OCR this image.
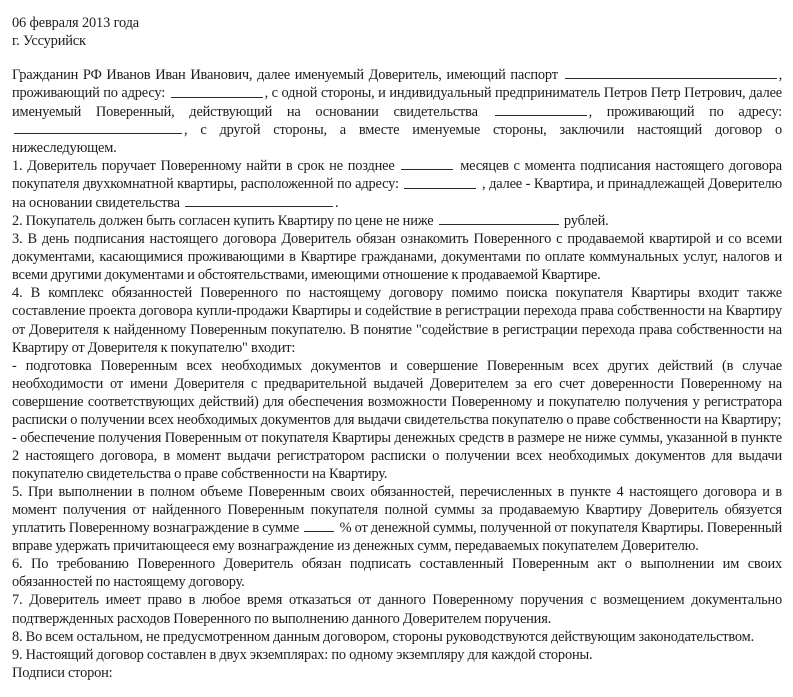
06 февраля 2013 года
г. Уссурийск

Гражданин РФ Иванов Иван Иванович, далее именуемый Доверитель, имеющий паспорт	, проживающий по адресу:	, с одной стороны, и индивидуальный предприниматель Петров Петр Петрович, далее именуемый Поверенный, действующий на основании свидетельства	, проживающий по адресу: , с другой стороны, а вместе именуемые стороны, заключили настоящий договор о нижеследующем.

1. Доверитель поручает Поверенному найти в срок не позднее	месяцев с момента подписания настоящего договора покупателя двухкомнатной квартиры, расположенной по адресу:	, далее - Квартира, и принадлежащей Доверителю на основании свидетельства	.

2. Покупатель должен быть согласен купить Квартиру по цене не ниже	рублей.

3. В день подписания настоящего договора Доверитель обязан ознакомить Поверенного с продаваемой квартирой и со всеми документами, касающимися проживающими в Квартире гражданами, документами по оплате коммунальных услуг, налогов и всеми другими документами и обстоятельствами, имеющими отношение к продаваемой Квартире.

4. В комплекс обязанностей Поверенного по настоящему договору помимо поиска покупателя Квартиры входит также составление проекта договора купли-продажи Квартиры и содействие в регистрации перехода права собственности на Квартиру от Доверителя к найденному Поверенным покупателю. В понятие "содействие в регистрации перехода права собственности на Квартиру от Доверителя к покупателю" входит:

- подготовка Поверенным всех необходимых документов и совершение Поверенным всех других действий (в случае необходимости от имени Доверителя с предварительной выдачей Доверителем за его счет доверенности Поверенному на совершение соответствующих действий) для обеспечения возможности Поверенному и покупателю получения у регистратора расписки о получении всех необходимых документов для выдачи свидетельства покупателю о праве собственности на Квартиру;

- обеспечение получения Поверенным от покупателя Квартиры денежных средств в размере не ниже суммы, указанной в пункте 2 настоящего договора, в момент выдачи регистратором расписки о получении всех необходимых документов для выдачи покупателю свидетельства о праве собственности на Квартиру.

5. При выполнении в полном объеме Поверенным своих обязанностей, перечисленных в пункте 4 настоящего договора и в момент получения от найденного Поверенным покупателя полной суммы за продаваемую Квартиру Доверитель обязуется уплатить Поверенному вознаграждение в сумме  % от денежной суммы, полученной от покупателя Квартиры. Поверенный вправе удержать причитающееся ему вознаграждение из денежных сумм, передаваемых покупателем Доверителю.

6. По требованию Поверенного Доверитель обязан подписать составленный Поверенным акт о выполнении им своих обязанностей по настоящему договору.

7. Доверитель имеет право в любое время отказаться от данного Поверенному поручения с возмещением документально подтвержденных расходов Поверенного по выполнению данного Доверителем поручения.

8. Во всем остальном, не предусмотренном данным договором, стороны руководствуются действующим законодательством.

9. Настоящий договор составлен в двух экземплярах: по одному экземпляру для каждой стороны.

Подписи сторон:
